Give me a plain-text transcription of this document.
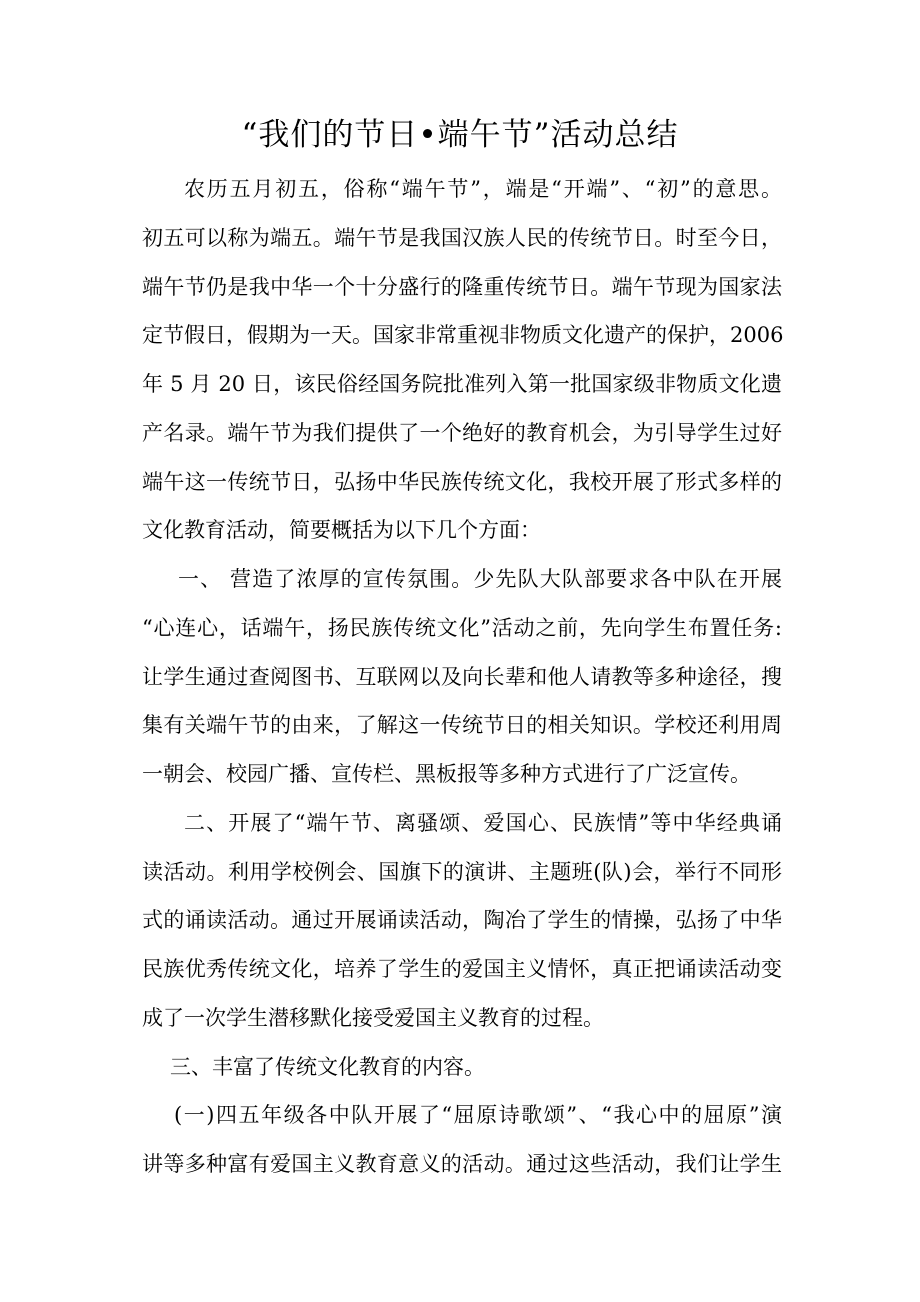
“我们的节日•端午节”活动总结
农历五月初五，俗称“端午节”，端是“开端”、“初”的意思。
初五可以称为端五。端午节是我国汉族人民的传统节日。时至今日，
端午节仍是我中华一个十分盛行的隆重传统节日。端午节现为国家法
定节假日，假期为一天。国家非常重视非物质文化遗产的保护，2006
年 5 月 20 日，该民俗经国务院批准列入第一批国家级非物质文化遗
产名录。端午节为我们提供了一个绝好的教育机会，为引导学生过好
端午这一传统节日，弘扬中华民族传统文化，我校开展了形式多样的
文化教育活动，简要概括为以下几个方面：
一、 营造了浓厚的宣传氛围。少先队大队部要求各中队在开展
“心连心，话端午，扬民族传统文化”活动之前，先向学生布置任务:
让学生通过查阅图书、互联网以及向长辈和他人请教等多种途径，搜
集有关端午节的由来，了解这一传统节日的相关知识。学校还利用周
一朝会、校园广播、宣传栏、黑板报等多种方式进行了广泛宣传。
二、开展了“端午节、离骚颂、爱国心、民族情”等中华经典诵
读活动。利用学校例会、国旗下的演讲、主题班(队)会，举行不同形
式的诵读活动。通过开展诵读活动，陶冶了学生的情操，弘扬了中华
民族优秀传统文化，培养了学生的爱国主义情怀，真正把诵读活动变
成了一次学生潜移默化接受爱国主义教育的过程。
三、丰富了传统文化教育的内容。
(一)四五年级各中队开展了“屈原诗歌颂”、“我心中的屈原”演
讲等多种富有爱国主义教育意义的活动。通过这些活动，我们让学生
